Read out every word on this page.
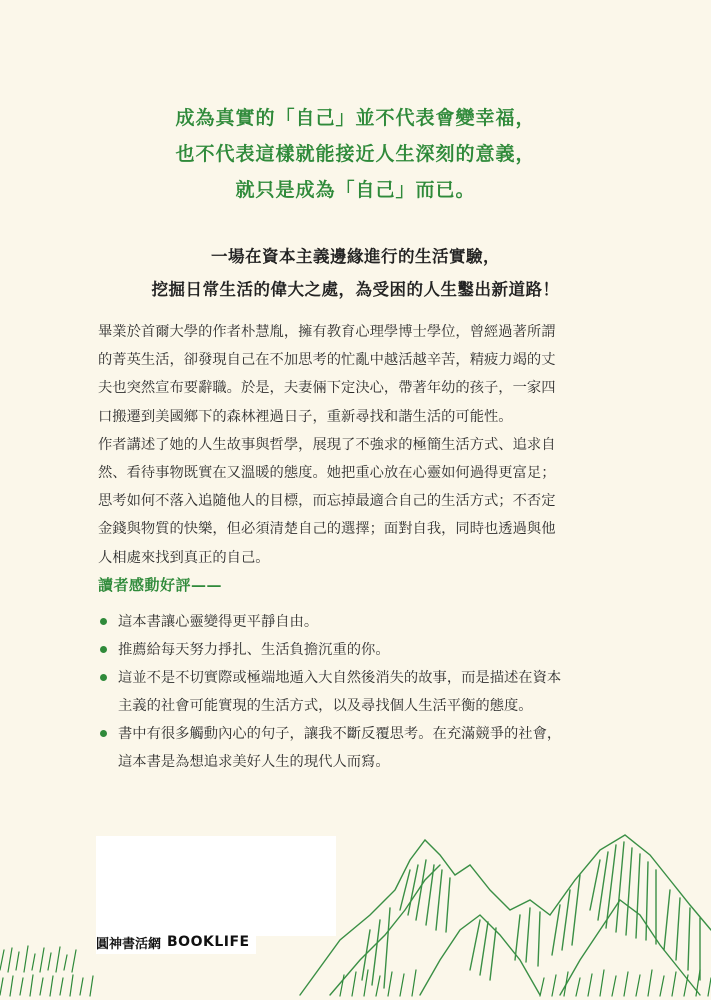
成為真實的「自己」並不代表會變幸福，
也不代表這樣就能接近人生深刻的意義，
就只是成為「自己」而已。
一場在資本主義邊緣進行的生活實驗，
挖掘日常生活的偉大之處，為受困的人生鑿出新道路！
畢業於首爾大學的作者朴慧胤，擁有教育心理學博士學位，曾經過著所謂
的菁英生活，卻發現自己在不加思考的忙亂中越活越辛苦，精疲力竭的丈
夫也突然宣布要辭職。於是，夫妻倆下定決心，帶著年幼的孩子，一家四
口搬遷到美國鄉下的森林裡過日子，重新尋找和諧生活的可能性。
作者講述了她的人生故事與哲學，展現了不強求的極簡生活方式、追求自
然、看待事物既實在又溫暖的態度。她把重心放在心靈如何過得更富足；
思考如何不落入追隨他人的目標，而忘掉最適合自己的生活方式；不否定
金錢與物質的快樂，但必須清楚自己的選擇；面對自我，同時也透過與他
人相處來找到真正的自己。
讀者感動好評——
這本書讓心靈變得更平靜自由。
推薦給每天努力掙扎、生活負擔沉重的你。
這並不是不切實際或極端地遁入大自然後消失的故事，而是描述在資本
主義的社會可能實現的生活方式，以及尋找個人生活平衡的態度。
書中有很多觸動內心的句子，讓我不斷反覆思考。在充滿競爭的社會，
這本書是為想追求美好人生的現代人而寫。
圓神書活網 BOOKLIFE
